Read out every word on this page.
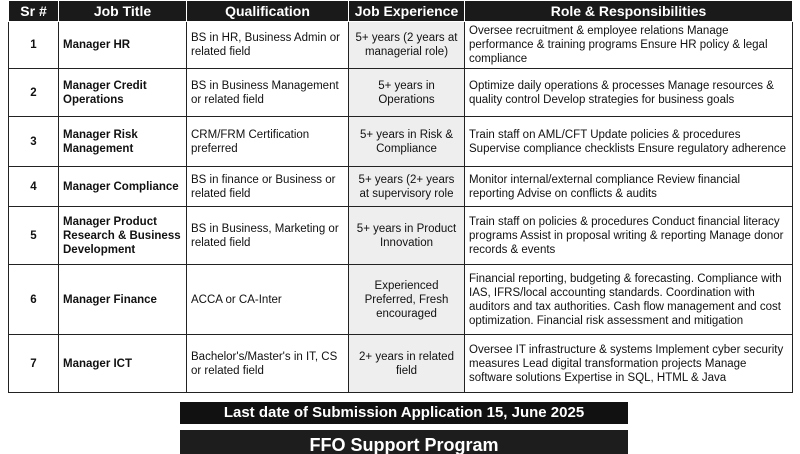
Sr #	Job Title	Qualification	Job Experience	Role & Responsibilities
1	Manager HR	BS in HR, Business Admin or related field	5+ years (2 years at managerial role)	Oversee recruitment & employee relations Manage performance & training programs Ensure HR policy & legal compliance
2	Manager Credit Operations	BS in Business Management or related field	5+ years in Operations	Optimize daily operations & processes Manage resources & quality control Develop strategies for business goals
3	Manager Risk Management	CRM/FRM Certification preferred	5+ years in Risk & Compliance	Train staff on AML/CFT Update policies & procedures Supervise compliance checklists Ensure regulatory adherence
4	Manager Compliance	BS in finance or Business or related field	5+ years (2+ years at supervisory role	Monitor internal/external compliance Review financial reporting Advise on conflicts & audits
5	Manager Product Research & Business Development	BS in Business, Marketing or related field	5+ years in Product Innovation	Train staff on policies & procedures Conduct financial literacy programs Assist in proposal writing & reporting Manage donor records & events
6	Manager Finance	ACCA or CA-Inter	Experienced Preferred, Fresh encouraged	Financial reporting, budgeting & forecasting. Compliance with IAS, IFRS/local accounting standards. Coordination with auditors and tax authorities. Cash flow management and cost optimization. Financial risk assessment and mitigation
7	Manager ICT	Bachelor's/Master's in IT, CS or related field	2+ years in related field	Oversee IT infrastructure & systems Implement cyber security measures Lead digital transformation projects Manage software solutions Expertise in SQL, HTML & Java
Last date of Submission Application 15, June 2025
FFO Support Program
